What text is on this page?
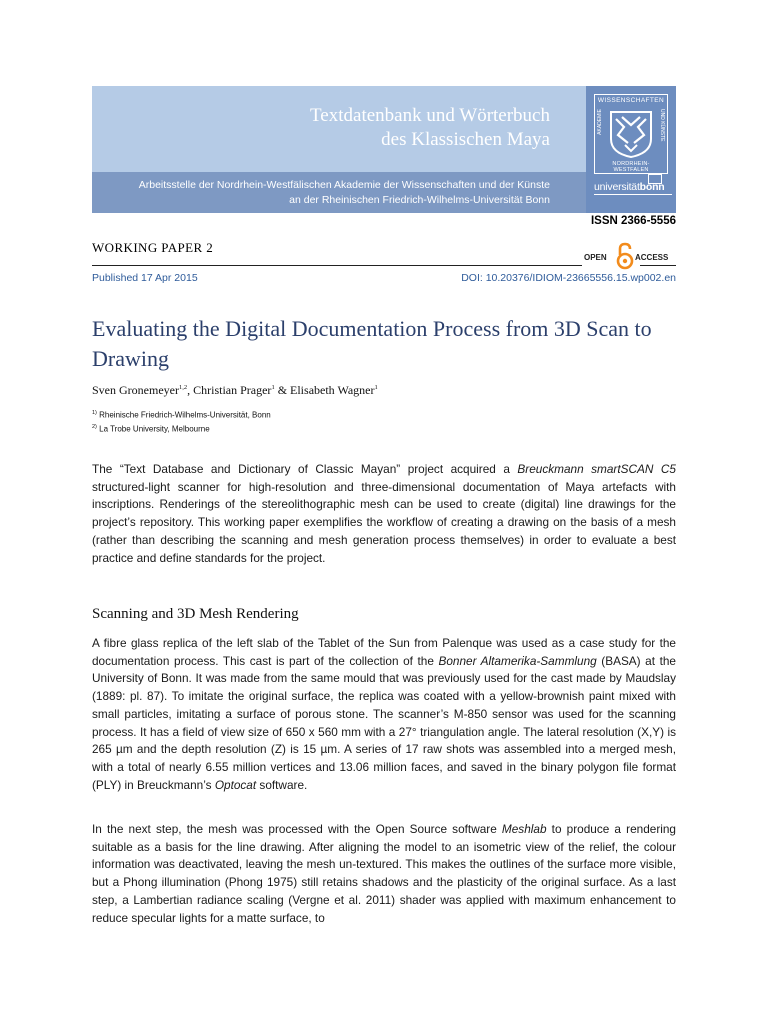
Textdatenbank und Wörterbuch
des Klassischen Maya
Arbeitsstelle der Nordrhein-Westfälischen Akademie der Wissenschaften und der Künste
an der Rheinischen Friedrich-Wilhelms-Universität Bonn
WISSENSCHAFTEN
AKADEMIE	UND KÜNSTE
NORDRHEIN-WESTFALEN
universitätbonn
ISSN 2366-5556
WORKING PAPER 2
OPEN	ACCESS
Published 17 Apr 2015	DOI: 10.20376/IDIOM-23665556.15.wp002.en
Evaluating the Digital Documentation Process from 3D Scan to Drawing
Sven Gronemeyer$^{1,2}$, Christian Prager$^1$ & Elisabeth Wagner$^1$
$^{1)}$ Rheinische Friedrich-Wilhelms-Universität, Bonn
$^{2)}$ La Trobe University, Melbourne
The “Text Database and Dictionary of Classic Mayan” project acquired a Breuckmann smartSCAN C5 structured-light scanner for high-resolution and three-dimensional documentation of Maya artefacts with inscriptions. Renderings of the stereolithographic mesh can be used to create (digital) line drawings for the project’s repository. This working paper exemplifies the workflow of creating a drawing on the basis of a mesh (rather than describing the scanning and mesh generation process themselves) in order to evaluate a best practice and define standards for the project.
Scanning and 3D Mesh Rendering
A fibre glass replica of the left slab of the Tablet of the Sun from Palenque was used as a case study for the documentation process. This cast is part of the collection of the Bonner Altamerika-Sammlung (BASA) at the University of Bonn. It was made from the same mould that was previously used for the cast made by Maudslay (1889: pl. 87). To imitate the original surface, the replica was coated with a yellow-brownish paint mixed with small particles, imitating a surface of porous stone. The scanner’s M-850 sensor was used for the scanning process. It has a field of view size of 650 x 560 mm with a 27° triangulation angle. The lateral resolution (X,Y) is 265 µm and the depth resolution (Z) is 15 µm. A series of 17 raw shots was assembled into a merged mesh, with a total of nearly 6.55 million vertices and 13.06 million faces, and saved in the binary polygon file format (PLY) in Breuckmann’s Optocat software.
In the next step, the mesh was processed with the Open Source software Meshlab to produce a rendering suitable as a basis for the line drawing. After aligning the model to an isometric view of the relief, the colour information was deactivated, leaving the mesh un-textured. This makes the outlines of the surface more visible, but a Phong illumination (Phong 1975) still retains shadows and the plasticity of the original surface. As a last step, a Lambertian radiance scaling (Vergne et al. 2011) shader was applied with maximum enhancement to reduce specular lights for a matte surface, to
